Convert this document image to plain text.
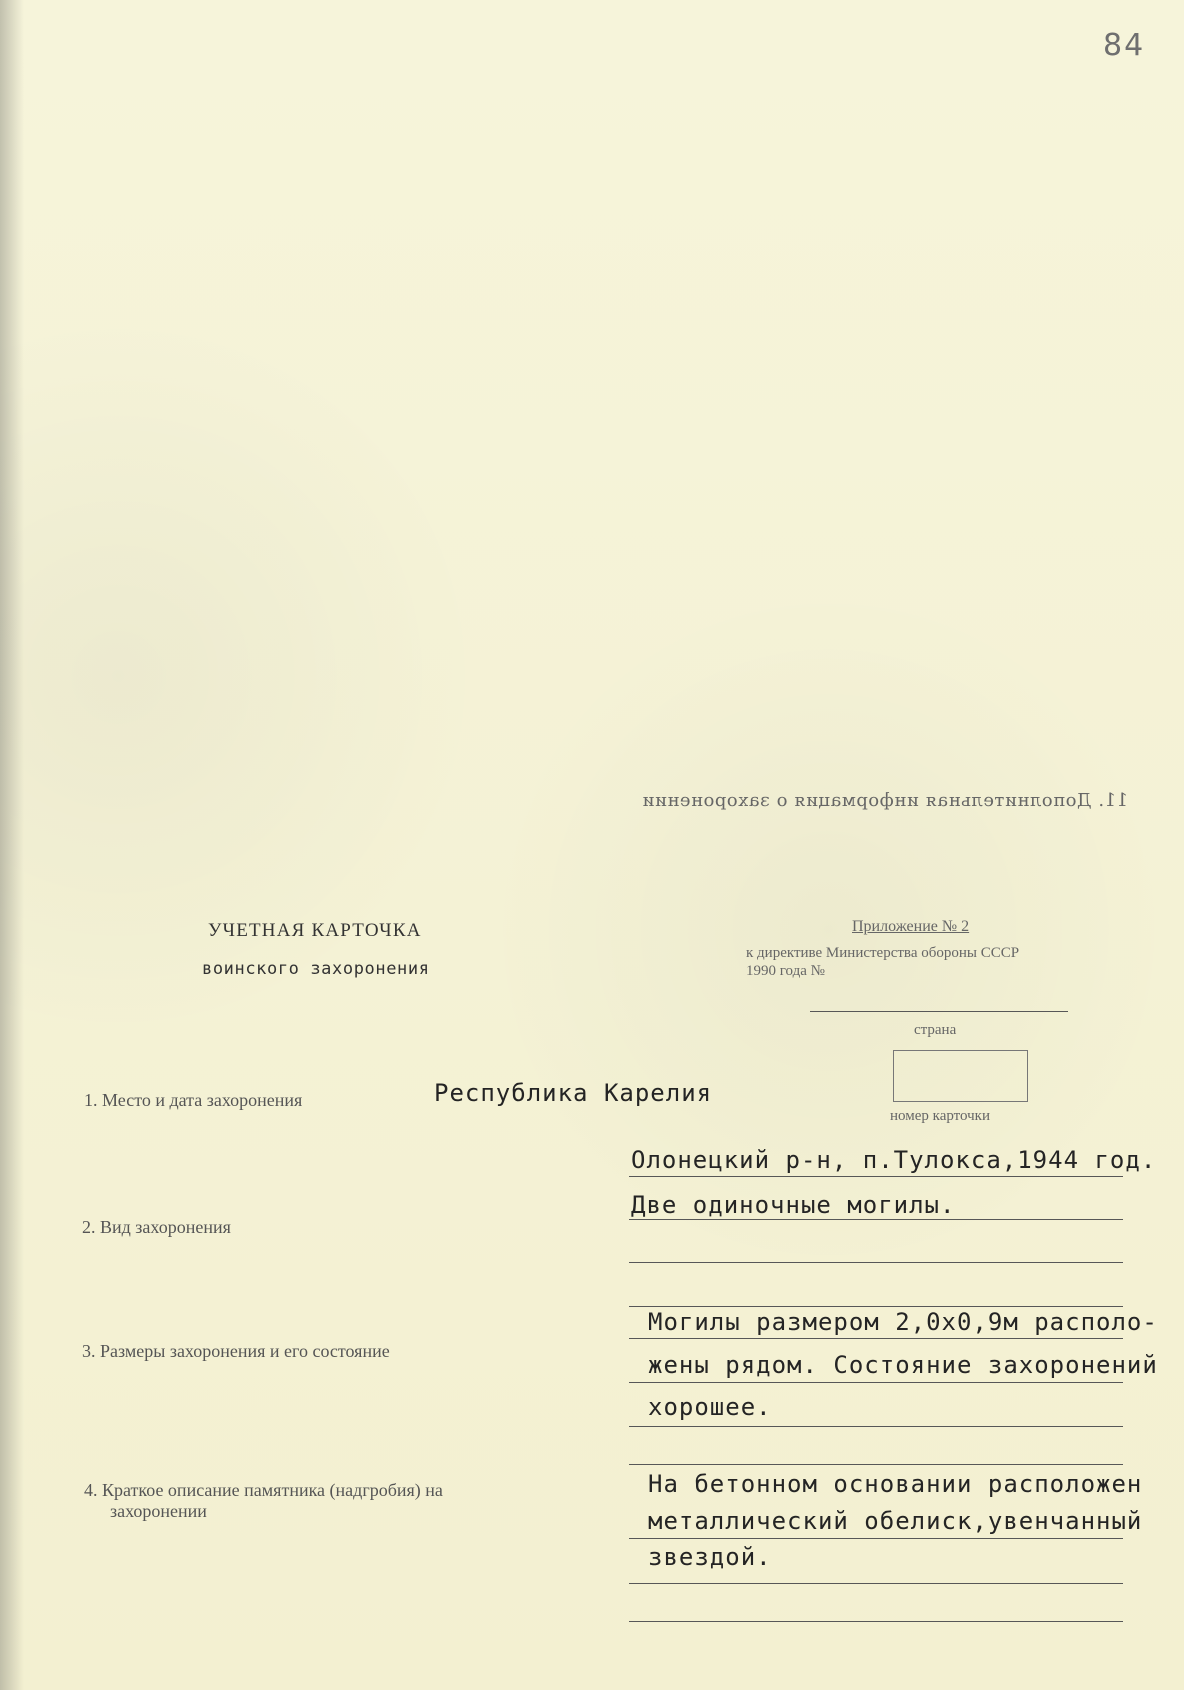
84
11. Дополнительная информация о захоронении
УЧЕТНАЯ КАРТОЧКА
воинского захоронения
Приложение № 2
к директиве Министерства обороны СССР
1990 года №
страна
номер карточки
1. Место и дата захоронения	Республика Карелия
Олонецкий р-н, п.Тулокса,1944 год.
2. Вид захоронения
Две одиночные могилы.
3. Размеры захоронения и его состояние
Могилы размером 2,0х0,9м располо-
жены рядом. Состояние захоронений
хорошее.
4. Краткое описание памятника (надгробия) на
захоронении
На бетонном основании расположен
металлический обелиск,увенчанный
звездой.
